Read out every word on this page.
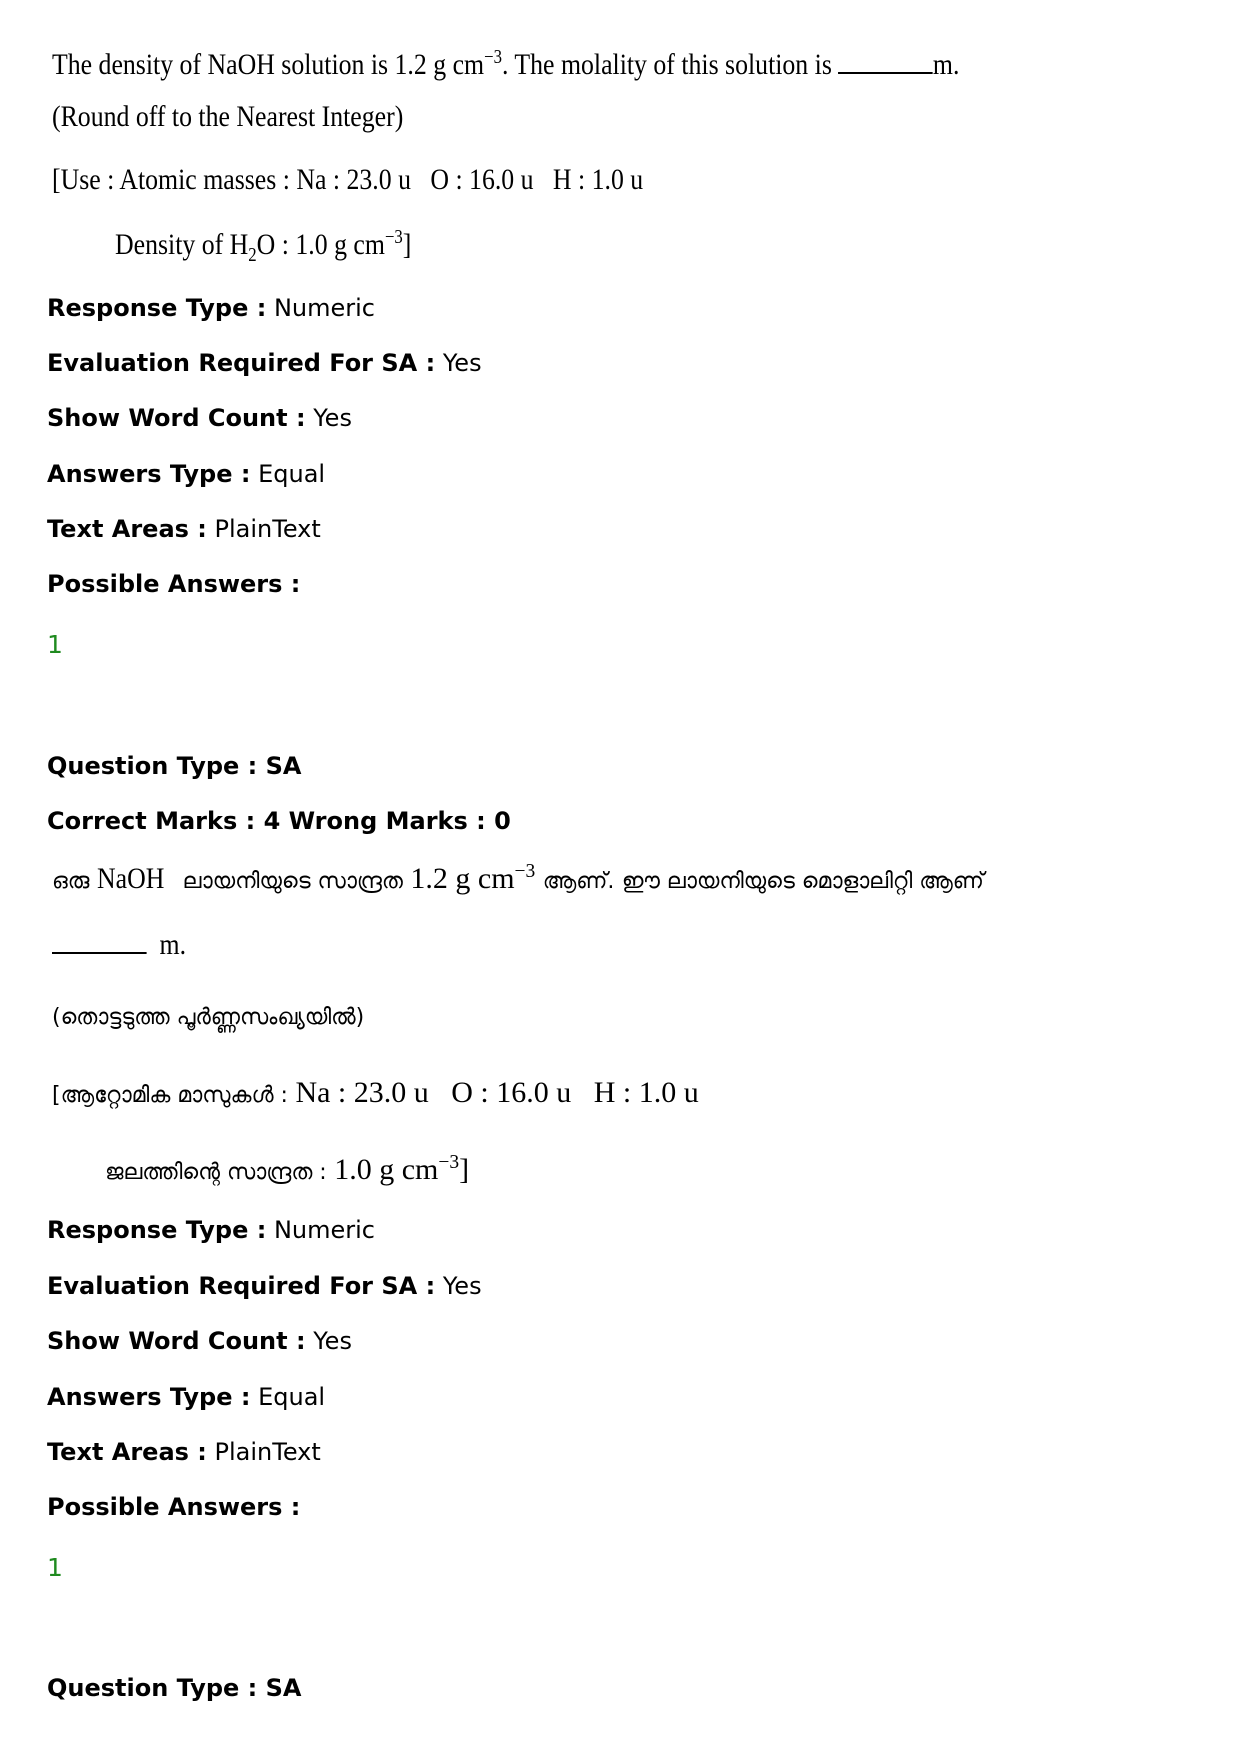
The density of NaOH solution is 1.2 g $cm^{-3}$. The molality of this solution is	m.
(Round off to the Nearest Integer)
[Use : Atomic masses : Na : 23.0 u   O : 16.0 u   H : 1.0 u
Density of $H_2O$ : 1.0 g $cm^{-3}$]
Response Type : Numeric
Evaluation Required For SA : Yes
Show Word Count : Yes
Answers Type : Equal
Text Areas : PlainText
Possible Answers :
1
Question Type : SA
Correct Marks : 4 Wrong Marks : 0
ഒരു NaOH ലായനിയുടെ സാന്ദ്രത 1.2 g $cm^{-3}$ ആണ്. ഈ ലായനിയുടെ മൊളാലിറ്റി ആണ്
m.
(തൊട്ടടുത്ത പൂർണ്ണസംഖ്യയിൽ)
[ആറ്റോമിക മാസുകൾ : Na : 23.0 u   O : 16.0 u   H : 1.0 u
ജലത്തിന്റെ സാന്ദ്രത : 1.0 g $cm^{-3}$]
Response Type : Numeric
Evaluation Required For SA : Yes
Show Word Count : Yes
Answers Type : Equal
Text Areas : PlainText
Possible Answers :
1
Question Type : SA
